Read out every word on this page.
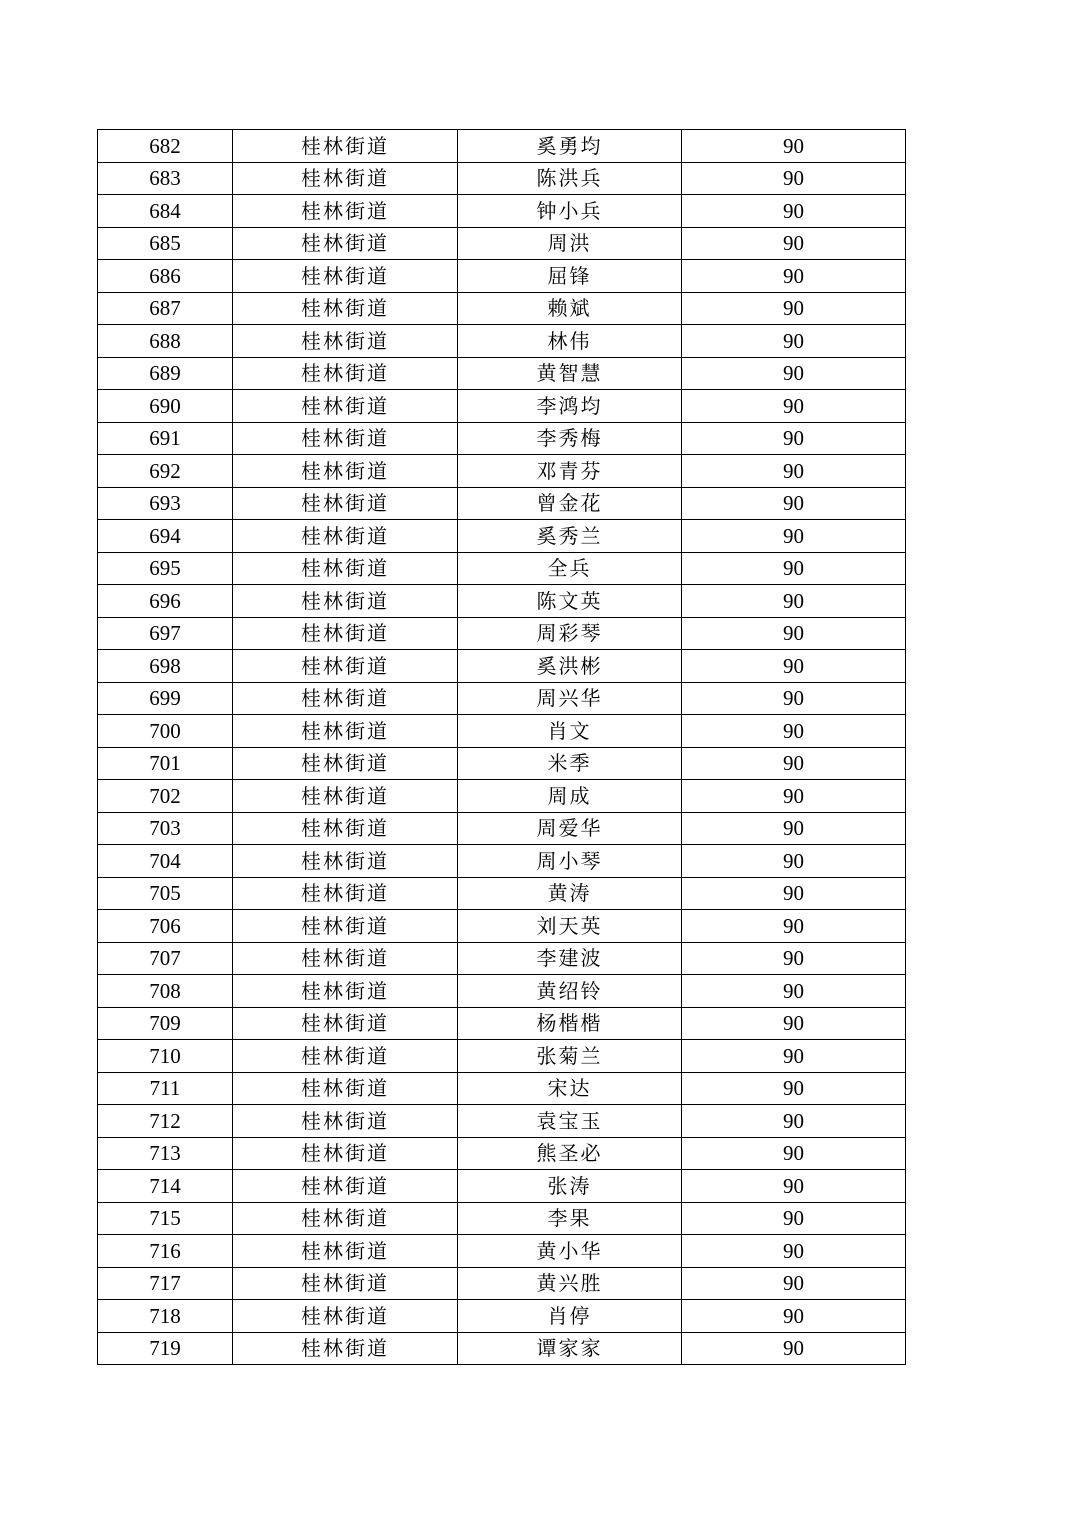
682	桂林街道	奚勇均	90
683	桂林街道	陈洪兵	90
684	桂林街道	钟小兵	90
685	桂林街道	周洪	90
686	桂林街道	屈锋	90
687	桂林街道	赖斌	90
688	桂林街道	林伟	90
689	桂林街道	黄智慧	90
690	桂林街道	李鸿均	90
691	桂林街道	李秀梅	90
692	桂林街道	邓青芬	90
693	桂林街道	曾金花	90
694	桂林街道	奚秀兰	90
695	桂林街道	全兵	90
696	桂林街道	陈文英	90
697	桂林街道	周彩琴	90
698	桂林街道	奚洪彬	90
699	桂林街道	周兴华	90
700	桂林街道	肖文	90
701	桂林街道	米季	90
702	桂林街道	周成	90
703	桂林街道	周爱华	90
704	桂林街道	周小琴	90
705	桂林街道	黄涛	90
706	桂林街道	刘天英	90
707	桂林街道	李建波	90
708	桂林街道	黄绍铃	90
709	桂林街道	杨楷楷	90
710	桂林街道	张菊兰	90
711	桂林街道	宋达	90
712	桂林街道	袁宝玉	90
713	桂林街道	熊圣必	90
714	桂林街道	张涛	90
715	桂林街道	李果	90
716	桂林街道	黄小华	90
717	桂林街道	黄兴胜	90
718	桂林街道	肖停	90
719	桂林街道	谭家家	90
